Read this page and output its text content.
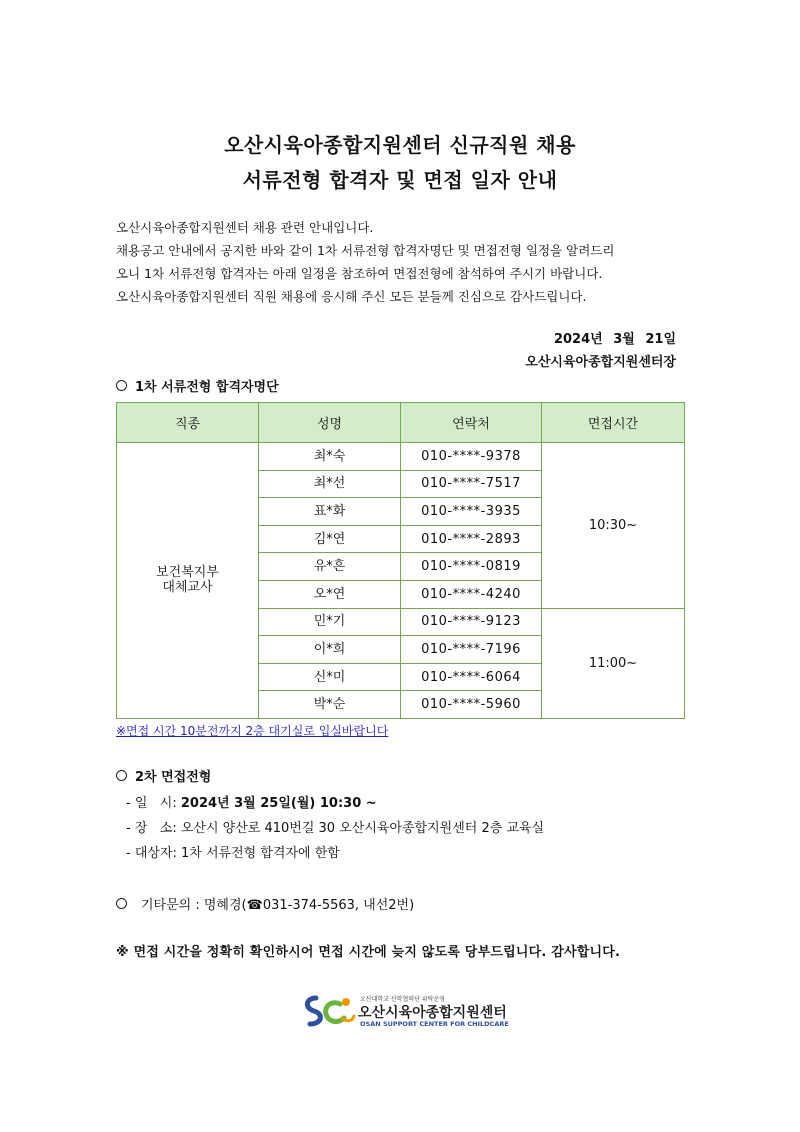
오산시육아종합지원센터 신규직원 채용
서류전형 합격자 및 면접 일자 안내
오산시육아종합지원센터 채용 관련 안내입니다.
채용공고 안내에서 공지한 바와 같이 1차 서류전형 합격자명단 및 면접전형 일정을 알려드리
오니 1차 서류전형 합격자는 아래 일정을 참조하여 면접전형에 참석하여 주시기 바랍니다.
오산시육아종합지원센터 직원 채용에 응시해 주신 모든 분들께 진심으로 감사드립니다.
2024년 3월 21일
오산시육아종합지원센터장
1차 서류전형 합격자명단
직종	성명	연락처	면접시간

보건복지부
대체교사	최*숙	010-****-9378	10:30~
	최*선	010-****-7517	
	표*화	010-****-3935	
	김*연	010-****-2893	
	유*흔	010-****-0819	
	오*연	010-****-4240	
	민*기	010-****-9123	11:00~
	이*희	010-****-7196	
	신*미	010-****-6064	
	박*순	010-****-5960	
※면접 시간 10분전까지 2층 대기실로 입실바랍니다
2차 면접전형
- 일   시: 2024년 3월 25일(월) 10:30 ~
- 장   소: 오산시 양산로 410번길 30 오산시육아종합지원센터 2층 교육실
- 대상자: 1차 서류전형 합격자에 한함
기타문의 : 명혜경(☎031-374-5563, 내선2번)
※ 면접 시간을 정확히 확인하시어 면접 시간에 늦지 않도록 당부드립니다. 감사합니다.
오산대학교 산학협력단 위탁운영
오산시육아종합지원센터
OSAN SUPPORT CENTER FOR CHILDCARE
